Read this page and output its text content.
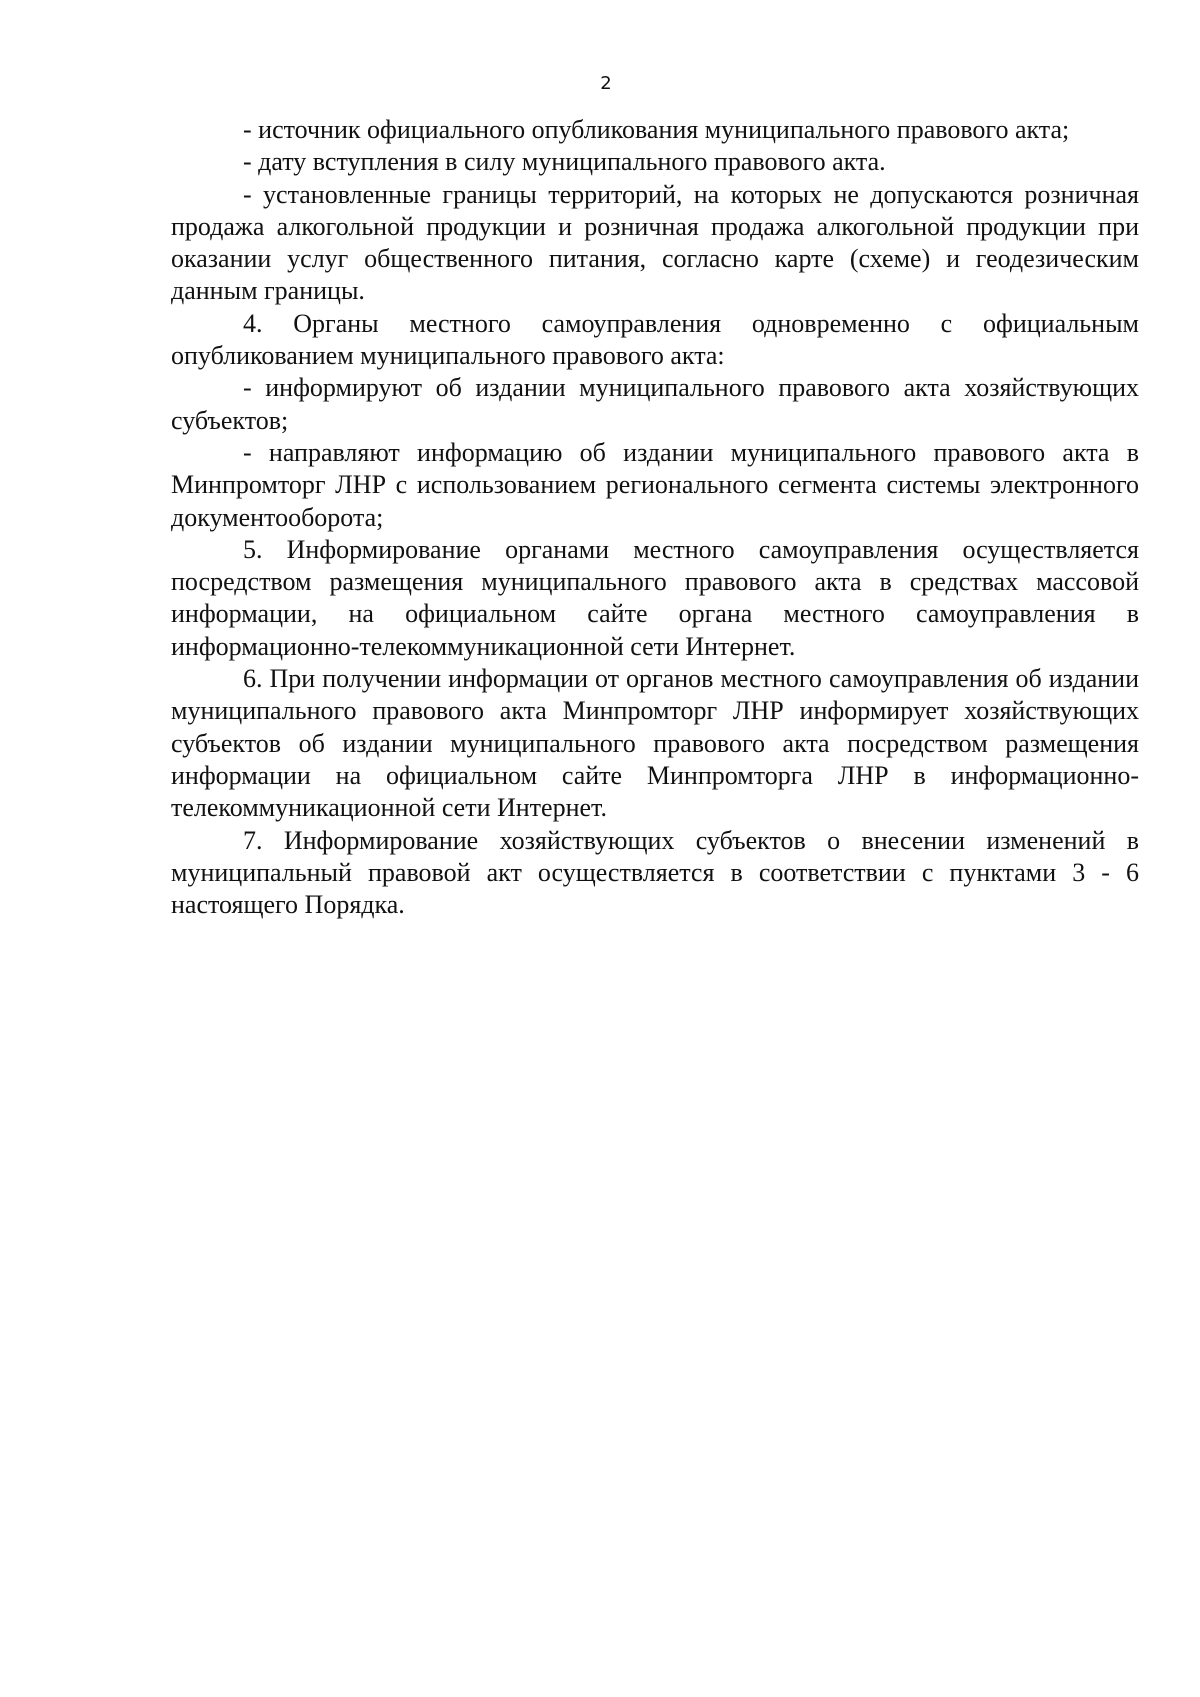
2

- источник официального опубликования муниципального правового акта;

- дату вступления в силу муниципального правового акта.

- установленные границы территорий, на которых не допускаются розничная продажа алкогольной продукции и розничная продажа алкогольной продукции при оказании услуг общественного питания, согласно карте (схеме) и геодезическим данным границы.

4. Органы местного самоуправления одновременно с официальным опубликованием муниципального правового акта:

- информируют об издании муниципального правового акта хозяйствующих субъектов;

- направляют информацию об издании муниципального правового акта в Минпромторг ЛНР с использованием регионального сегмента системы электронного документооборота;

5. Информирование органами местного самоуправления осуществляется посредством размещения муниципального правового акта в средствах массовой информации, на официальном сайте органа местного самоуправления в информационно-телекоммуникационной сети Интернет.

6. При получении информации от органов местного самоуправления об издании муниципального правового акта Минпромторг ЛНР информирует хозяйствующих субъектов об издании муниципального правового акта посредством размещения информации на официальном сайте Минпромторга ЛНР в информационно-телекоммуникационной сети Интернет.

7. Информирование хозяйствующих субъектов о внесении изменений в муниципальный правовой акт осуществляется в соответствии с пунктами 3 - 6 настоящего Порядка.
